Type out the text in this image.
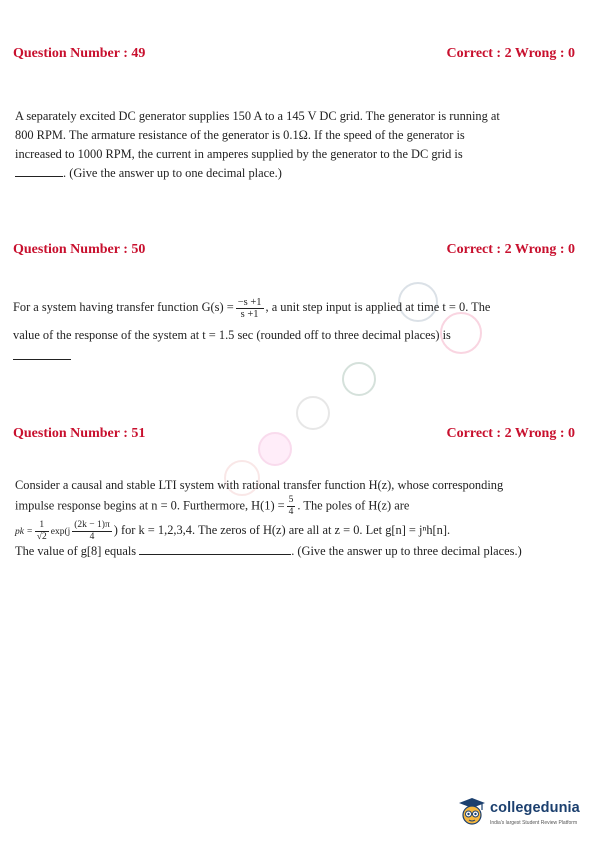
Question Number : 49	Correct : 2 Wrong : 0

A separately excited DC generator supplies 150 A to a 145 V DC grid. The generator is running at

800 RPM. The armature resistance of the generator is 0.1Ω. If the speed of the generator is

increased to 1000 RPM, the current in amperes supplied by the generator to the DC grid is

. (Give the answer up to one decimal place.)

Question Number : 50	Correct : 2 Wrong : 0

For a system having transfer function $G(s) = \frac{-s +1}{s +1}$ , a unit step input is applied at time t = 0. The

value of the response of the system at t = 1.5 sec (rounded off to three decimal places) is

Question Number : 51	Correct : 2 Wrong : 0

Consider a causal and stable LTI system with rational transfer function H(z), whose corresponding

impulse response begins at n = 0. Furthermore, $H(1) = \frac{5}{4}$ . The poles of H(z) are

pk = $\frac{1}{√2} \exp(j \frac{(2k - 1)\pi}{4}$ ) for k = 1,2,3,4. The zeros of H(z) are all at z = 0. Let g[n] = jⁿh[n].

The value of g[8] equals	. (Give the answer up to three decimal places.)

collegedunia
India's largest Student Review Platform
